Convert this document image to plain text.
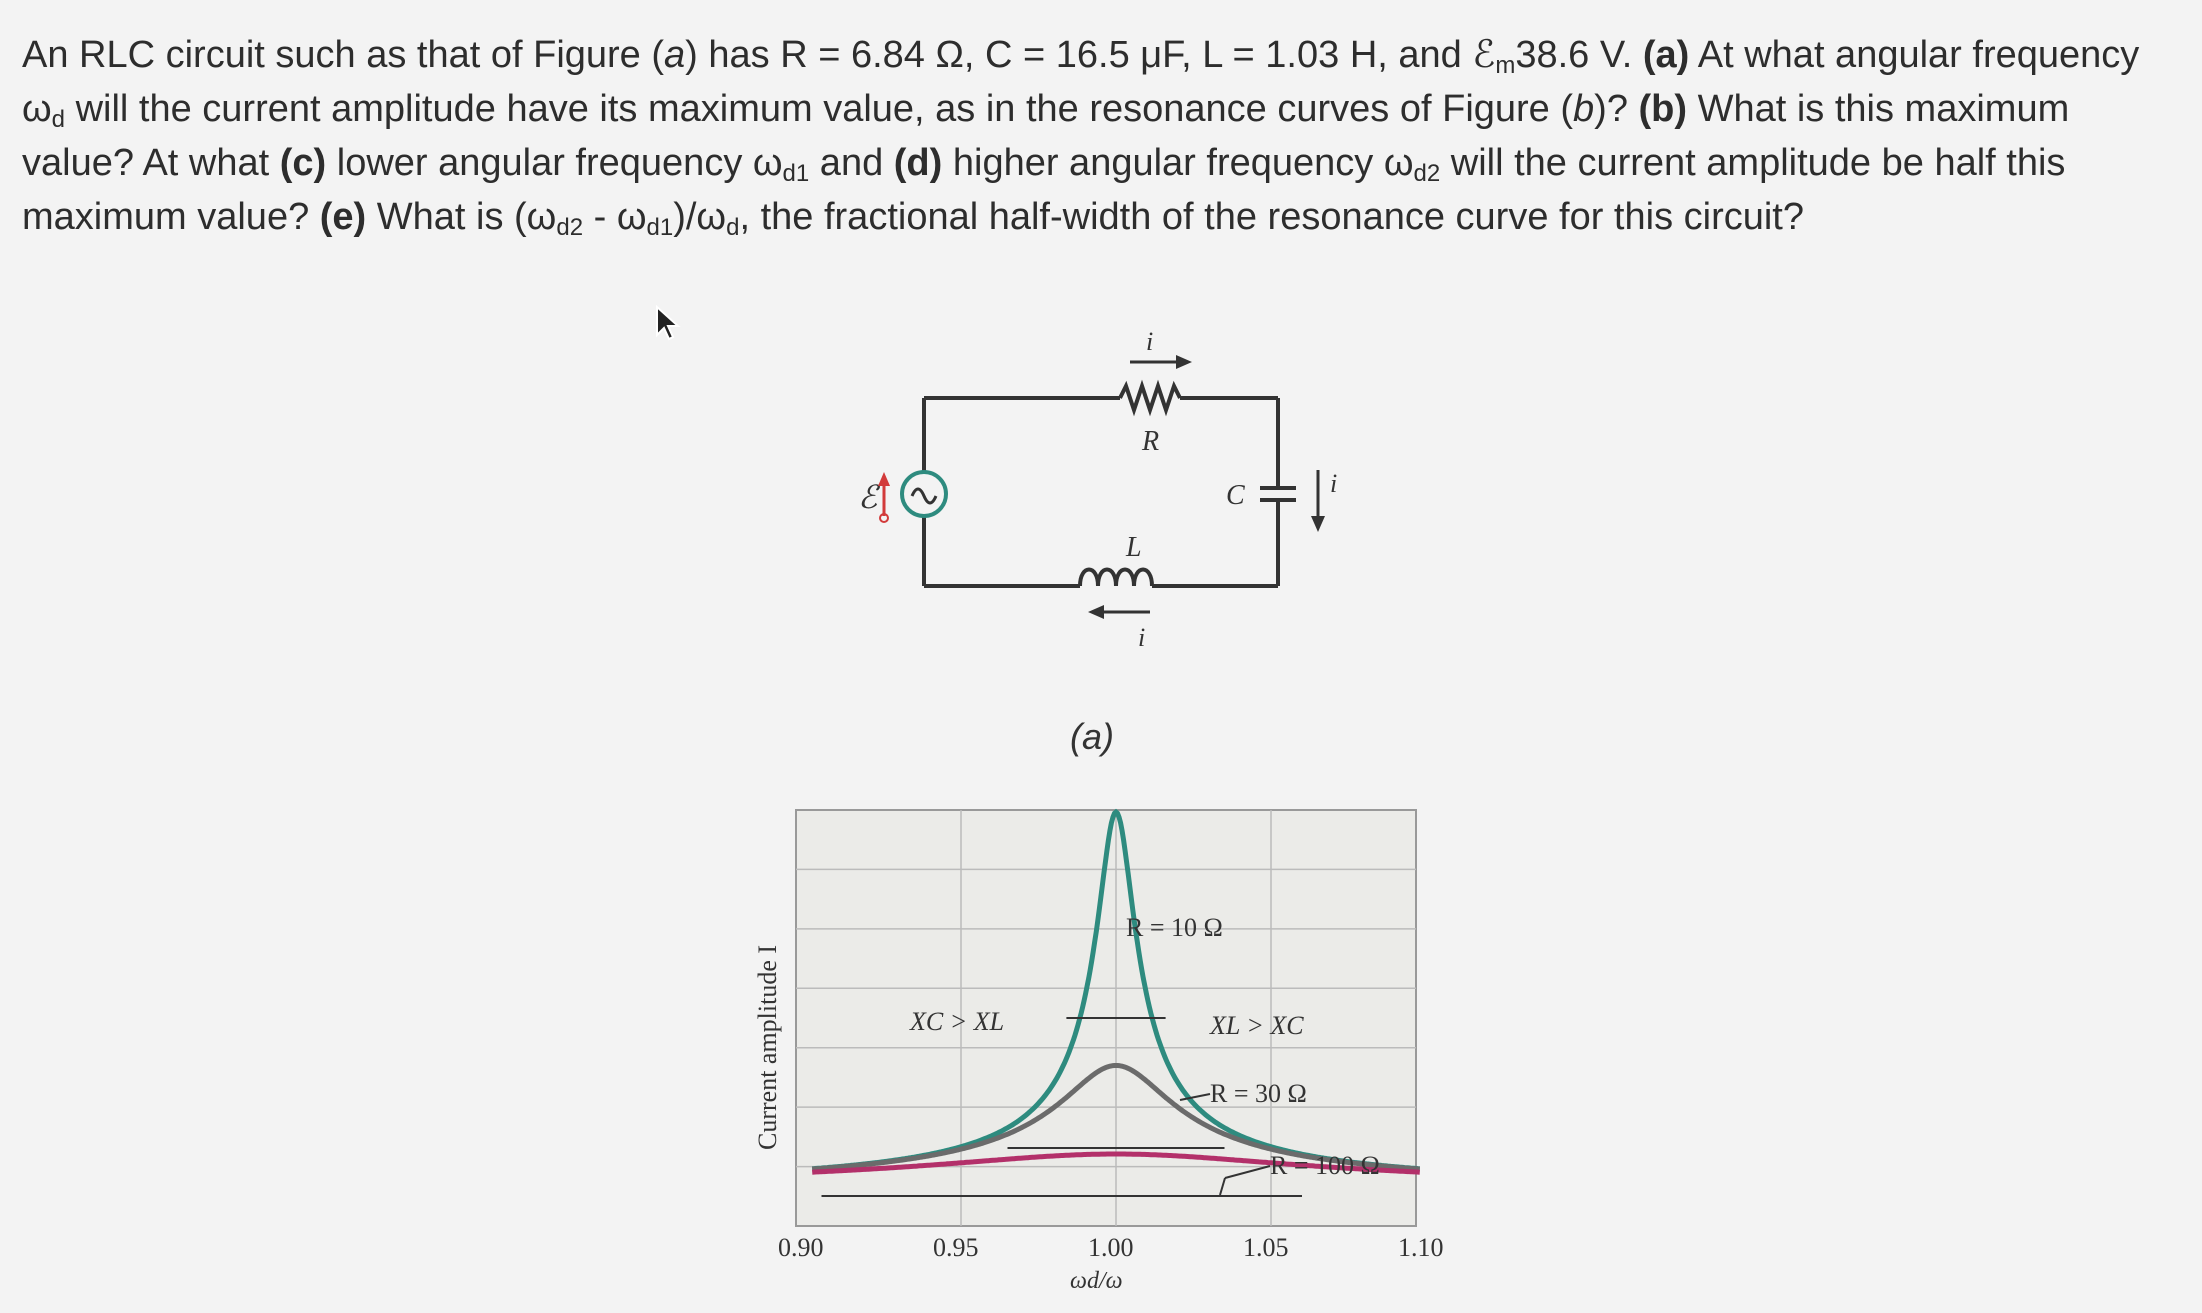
An RLC circuit such as that of Figure (a) has R = 6.84 Ω, C = 16.5 μF, L = 1.03 H, and ℰ$_m$38.6 V. (a) At what angular frequency $\omega_d$ will the current amplitude have its maximum value, as in the resonance curves of Figure (b)? (b) What is this maximum value? At what (c) lower angular frequency $\omega_{d1}$ and (d) higher angular frequency $\omega_{d2}$ will the current amplitude be half this maximum value? (e) What is $(\omega_{d2} - \omega_{d1})/\omega_d$, the fractional half-width of the resonance curve for this circuit?
ℰ
i
R
C	i
L
i
(a)
Current amplitude I
0.90	0.95	1.00	1.05	1.10
ωd/ω
XC > XL	XL > XC
R = 10 Ω
R = 30 Ω
R = 100 Ω
